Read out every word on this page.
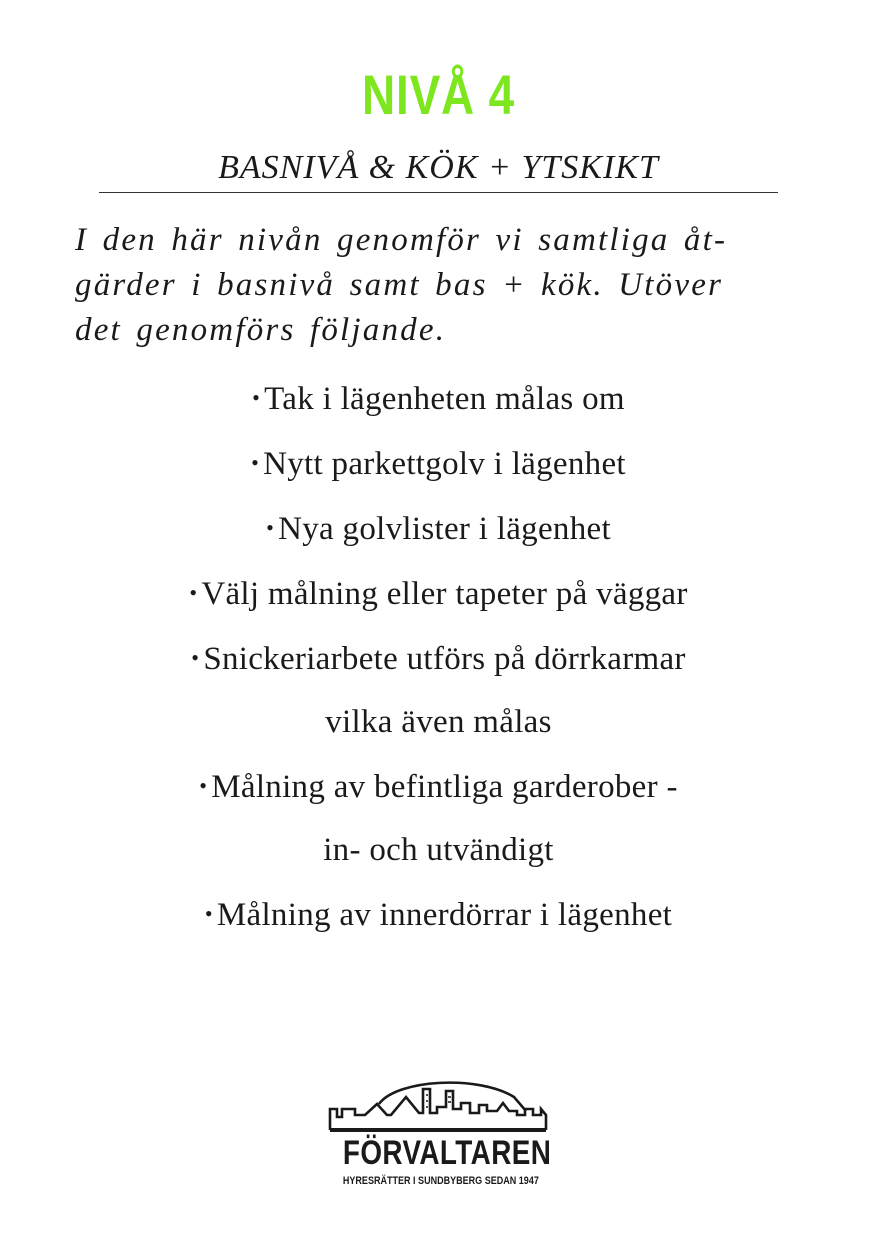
NIVÅ 4
BASNIVÅ & KÖK + YTSKIKT

I den här nivån genomför vi samtliga åt-
gärder i basnivå samt bas + kök. Utöver
det genomförs följande.

• Tak i lägenheten målas om
• Nytt parkettgolv i lägenhet
• Nya golvlister i lägenhet
• Välj målning eller tapeter på väggar
• Snickeriarbete utförs på dörrkarmar
vilka även målas
• Målning av befintliga garderober -
in- och utvändigt
• Målning av innerdörrar i lägenhet
FÖRVALTAREN
HYRESRÄTTER I SUNDBYBERG SEDAN 1947
